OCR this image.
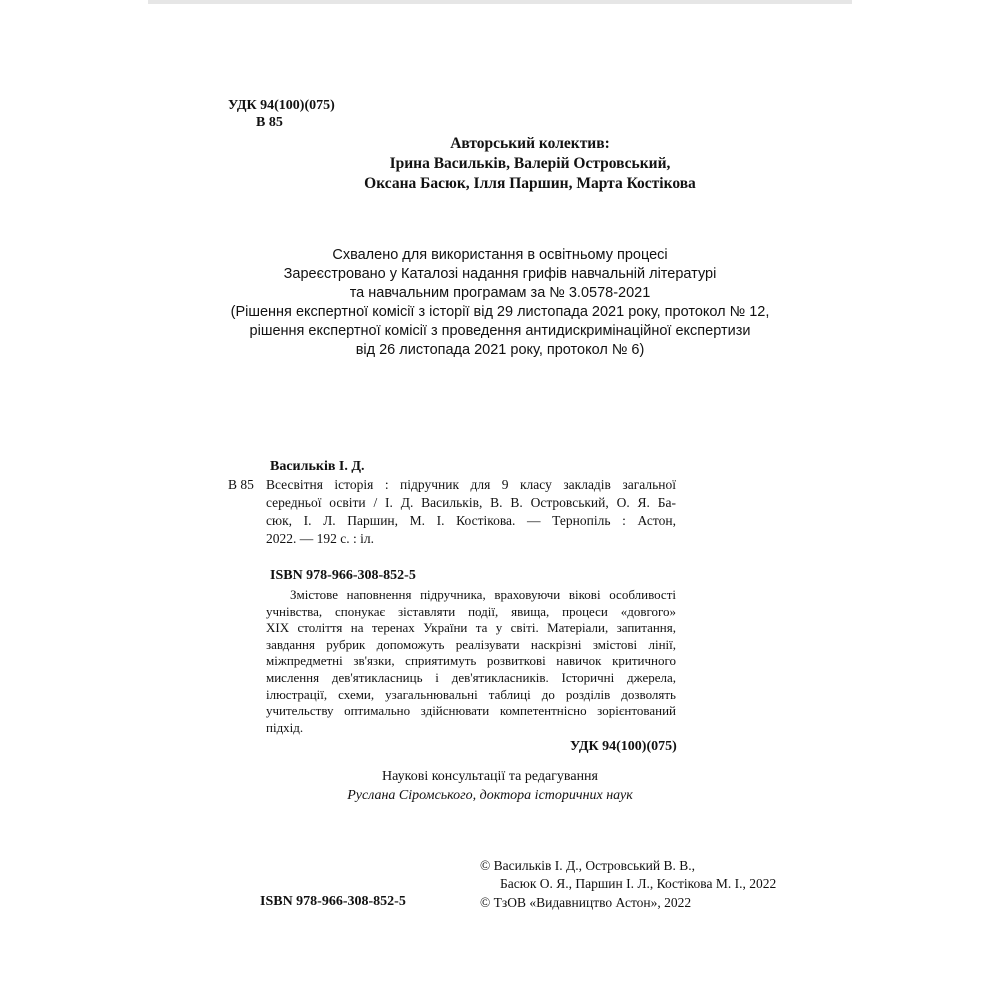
УДК 94(100)(075)

В 85

Авторський колектив:
Ірина Васильків, Валерій Островський,
Оксана Басюк, Ілля Паршин, Марта Костікова
Схвалено для використання в освітньому процесі
Зареєстровано у Каталозі надання грифів навчальній літературі
та навчальним програмам за № 3.0578-2021
(Рішення експертної комісії з історії від 29 листопада 2021 року, протокол № 12,
рішення експертної комісії з проведення антидискримінаційної експертизи
від 26 листопада 2021 року, протокол № 6)

Васильків І. Д.

В 85 Всесвітня історія : підручник для 9 класу закладів загальної
середньої освіти / І. Д. Васильків, В. В. Островський, О. Я. Ба-
сюк, І. Л. Паршин, М. І. Костікова. — Тернопіль : Астон,
2022. — 192 с. : іл.

ISBN 978-966-308-852-5

Змістове наповнення підручника, враховуючи вікові особливості
учнівства, спонукає зіставляти події, явища, процеси «довгого»
ХІХ століття на теренах України та у світі. Матеріали, запитання,
завдання рубрик допоможуть реалізувати наскрізні змістові лінії,
міжпредметні зв'язки, сприятимуть розвиткові навичок критичного
мислення дев'ятикласниць і дев'ятикласників. Історичні джерела,
ілюстрації, схеми, узагальнювальні таблиці до розділів дозволять
учительству оптимально здійснювати компетентнісно зорієнтований
підхід.

УДК 94(100)(075)

Наукові консультації та редагування
Руслана Сіромського, доктора історичних наук

© Васильків І. Д., Островський В. В.,

Басюк О. Я., Паршин І. Л., Костікова М. І., 2022

ISBN 978-966-308-852-5	© ТзОВ «Видавництво Астон», 2022
